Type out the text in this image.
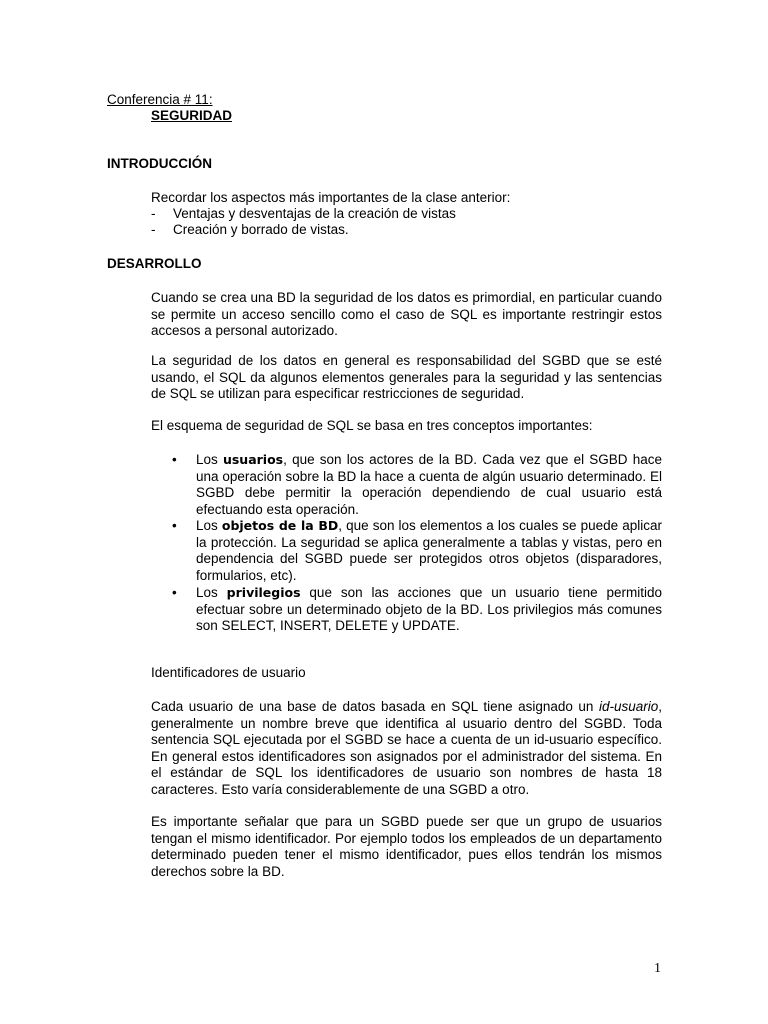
Conferencia # 11:
SEGURIDAD
INTRODUCCIÓN
Recordar los aspectos más importantes de la clase anterior:
- Ventajas y desventajas de la creación de vistas
- Creación y borrado de vistas.
DESARROLLO
Cuando se crea una BD la seguridad de los datos es primordial, en particular cuando se permite un acceso sencillo como el caso de SQL es importante restringir estos accesos a personal autorizado.
La seguridad de los datos en general es responsabilidad del SGBD que se esté usando, el SQL da algunos elementos generales para la seguridad y las sentencias de SQL se utilizan para especificar restricciones de seguridad.
El esquema de seguridad de SQL se basa en tres conceptos importantes:
• Los usuarios, que son los actores de la BD. Cada vez que el SGBD hace una operación sobre la BD la hace a cuenta de algún usuario determinado. El SGBD debe permitir la operación dependiendo de cual usuario está efectuando esta operación.
• Los objetos de la BD, que son los elementos a los cuales se puede aplicar la protección. La seguridad se aplica generalmente a tablas y vistas, pero en dependencia del SGBD puede ser protegidos otros objetos (disparadores, formularios, etc).
• Los privilegios que son las acciones que un usuario tiene permitido efectuar sobre un determinado objeto de la BD. Los privilegios más comunes son SELECT, INSERT, DELETE y UPDATE.
Identificadores de usuario
Cada usuario de una base de datos basada en SQL tiene asignado un id-usuario, generalmente un nombre breve que identifica al usuario dentro del SGBD. Toda sentencia SQL ejecutada por el SGBD se hace a cuenta de un id-usuario específico. En general estos identificadores son asignados por el administrador del sistema. En el estándar de SQL los identificadores de usuario son nombres de hasta 18 caracteres. Esto varía considerablemente de una SGBD a otro.
Es importante señalar que para un SGBD puede ser que un grupo de usuarios tengan el mismo identificador. Por ejemplo todos los empleados de un departamento determinado pueden tener el mismo identificador, pues ellos tendrán los mismos derechos sobre la BD.
1
